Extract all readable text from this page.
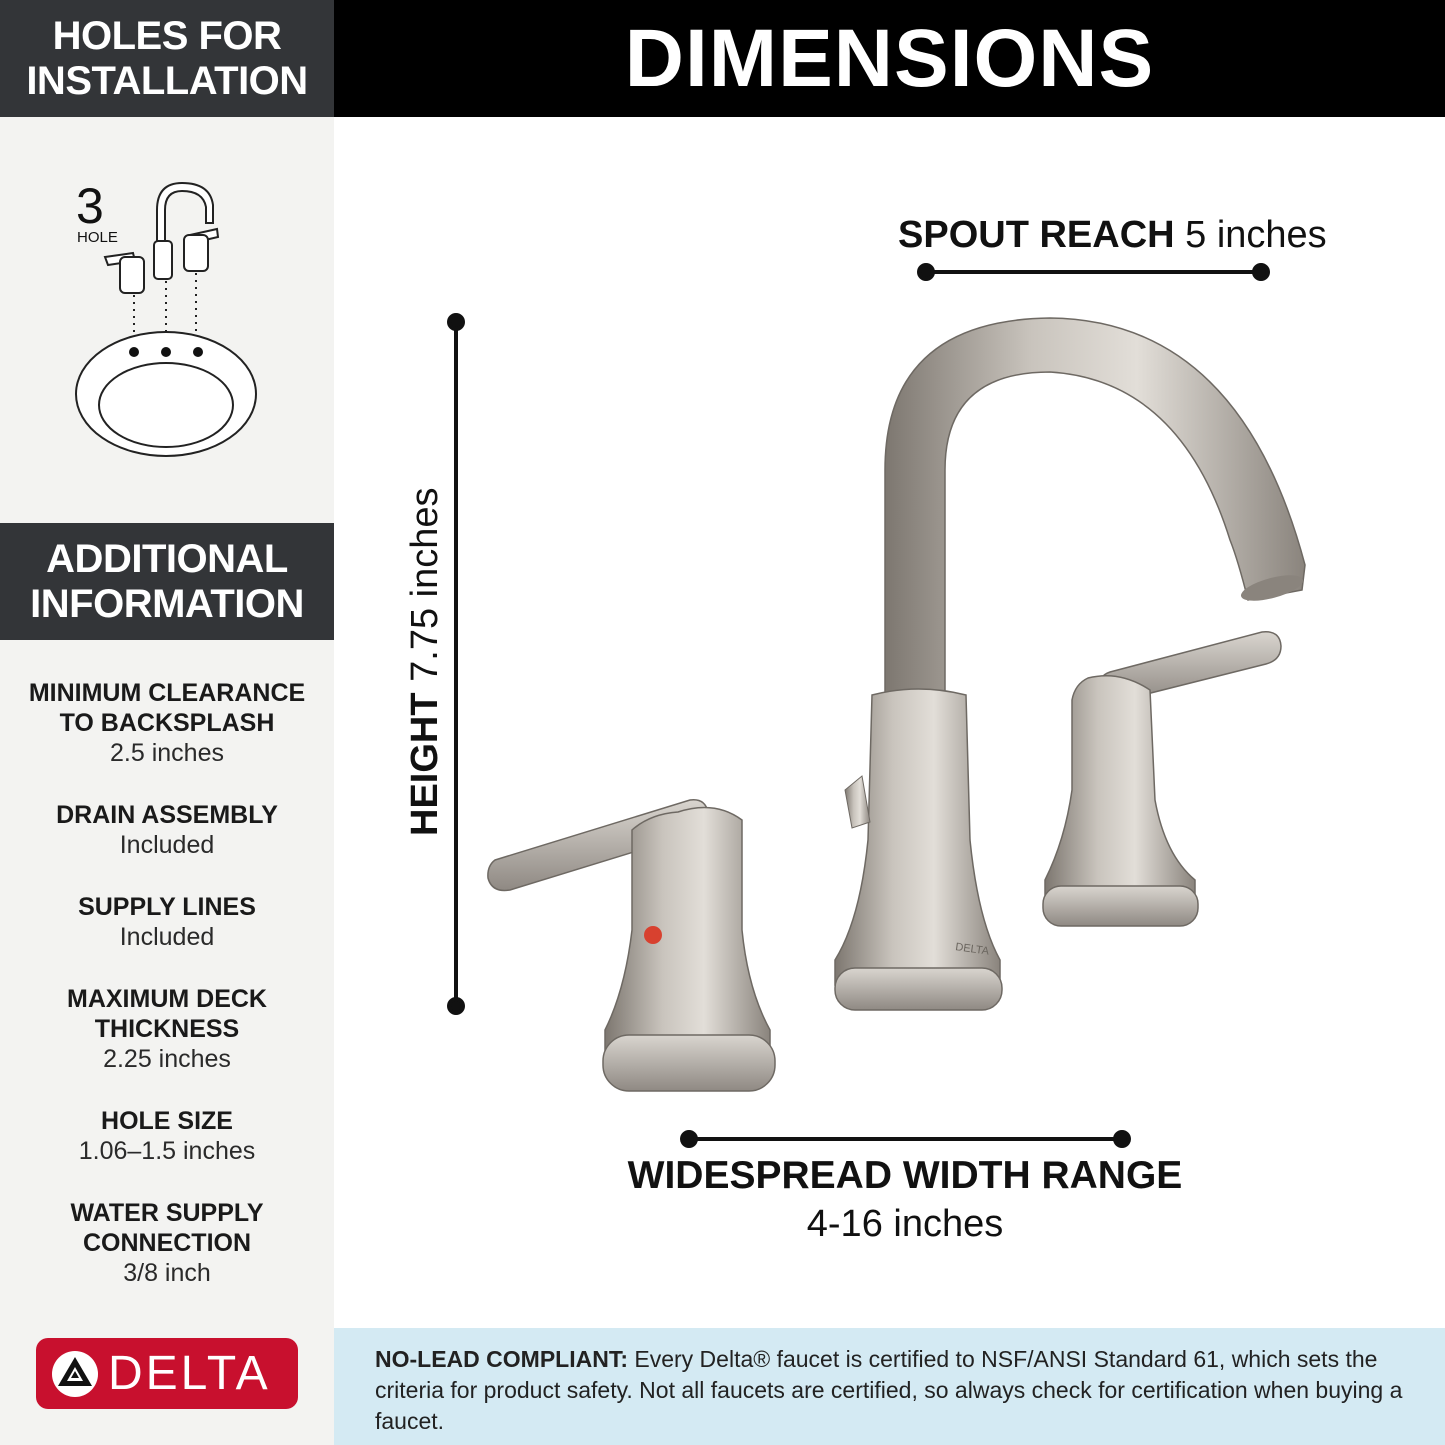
HOLES FOR
INSTALLATION
3
HOLE
ADDITIONAL
INFORMATION
MINIMUM CLEARANCE
TO BACKSPLASH
2.5 inches
DRAIN ASSEMBLY
Included
SUPPLY LINES
Included
MAXIMUM DECK
THICKNESS
2.25 inches
HOLE SIZE
1.06–1.5 inches
WATER SUPPLY
CONNECTION
3/8 inch
DELTA
DIMENSIONS
SPOUT REACH 5 inches
HEIGHT 7.75 inches
WIDESPREAD WIDTH RANGE
4-16 inches
DELTA
NO-LEAD COMPLIANT: Every Delta® faucet is certified to NSF/ANSI Standard 61, which sets the criteria for product safety. Not all faucets are certified, so always check for certification when buying a faucet.
